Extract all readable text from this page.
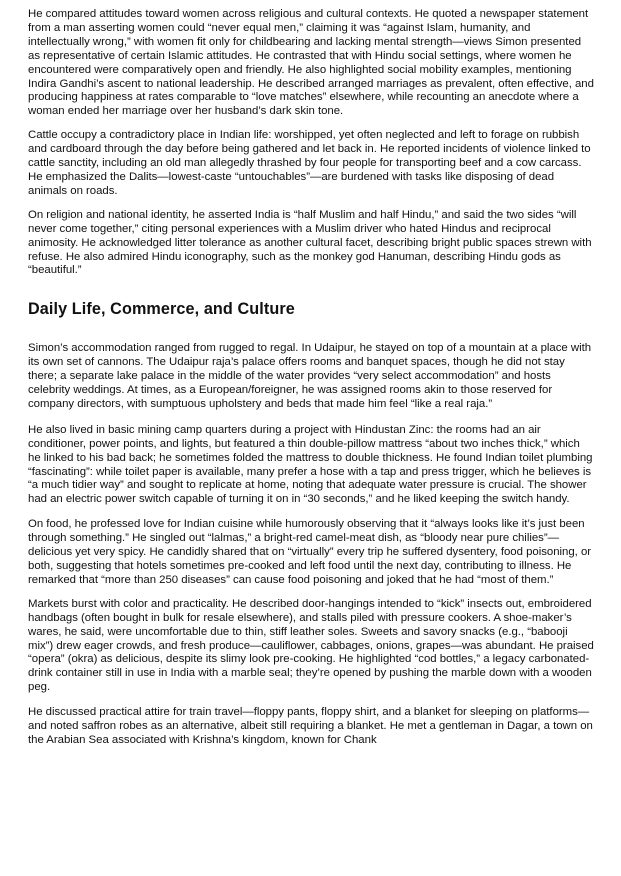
He compared attitudes toward women across religious and cultural contexts. He quoted a newspaper statement from a man asserting women could “never equal men,” claiming it was “against Islam, humanity, and intellectually wrong,” with women fit only for childbearing and lacking mental strength—views Simon presented as representative of certain Islamic attitudes. He contrasted that with Hindu social settings, where women he encountered were comparatively open and friendly. He also highlighted social mobility examples, mentioning Indira Gandhi’s ascent to national leadership. He described arranged marriages as prevalent, often effective, and producing happiness at rates comparable to “love matches” elsewhere, while recounting an anecdote where a woman ended her marriage over her husband’s dark skin tone.

Cattle occupy a contradictory place in Indian life: worshipped, yet often neglected and left to forage on rubbish and cardboard through the day before being gathered and let back in. He reported incidents of violence linked to cattle sanctity, including an old man allegedly thrashed by four people for transporting beef and a cow carcass. He emphasized the Dalits—lowest-caste “untouchables”—are burdened with tasks like disposing of dead animals on roads.

On religion and national identity, he asserted India is “half Muslim and half Hindu,” and said the two sides “will never come together,” citing personal experiences with a Muslim driver who hated Hindus and reciprocal animosity. He acknowledged litter tolerance as another cultural facet, describing bright public spaces strewn with refuse. He also admired Hindu iconography, such as the monkey god Hanuman, describing Hindu gods as “beautiful.”

Daily Life, Commerce, and Culture

Simon’s accommodation ranged from rugged to regal. In Udaipur, he stayed on top of a mountain at a place with its own set of cannons. The Udaipur raja’s palace offers rooms and banquet spaces, though he did not stay there; a separate lake palace in the middle of the water provides “very select accommodation” and hosts celebrity weddings. At times, as a European/foreigner, he was assigned rooms akin to those reserved for company directors, with sumptuous upholstery and beds that made him feel “like a real raja.”

He also lived in basic mining camp quarters during a project with Hindustan Zinc: the rooms had an air conditioner, power points, and lights, but featured a thin double-pillow mattress “about two inches thick,” which he linked to his bad back; he sometimes folded the mattress to double thickness. He found Indian toilet plumbing “fascinating”: while toilet paper is available, many prefer a hose with a tap and press trigger, which he believes is “a much tidier way” and sought to replicate at home, noting that adequate water pressure is crucial. The shower had an electric power switch capable of turning it on in “30 seconds,” and he liked keeping the switch handy.

On food, he professed love for Indian cuisine while humorously observing that it “always looks like it’s just been through something.” He singled out “lalmas,” a bright-red camel-meat dish, as “bloody near pure chilies”—delicious yet very spicy. He candidly shared that on “virtually” every trip he suffered dysentery, food poisoning, or both, suggesting that hotels sometimes pre-cooked and left food until the next day, contributing to illness. He remarked that “more than 250 diseases” can cause food poisoning and joked that he had “most of them.”

Markets burst with color and practicality. He described door-hangings intended to “kick” insects out, embroidered handbags (often bought in bulk for resale elsewhere), and stalls piled with pressure cookers. A shoe-maker’s wares, he said, were uncomfortable due to thin, stiff leather soles. Sweets and savory snacks (e.g., “babooji mix”) drew eager crowds, and fresh produce—cauliflower, cabbages, onions, grapes—was abundant. He praised “opera” (okra) as delicious, despite its slimy look pre-cooking. He highlighted “cod bottles,” a legacy carbonated-drink container still in use in India with a marble seal; they’re opened by pushing the marble down with a wooden peg.

He discussed practical attire for train travel—floppy pants, floppy shirt, and a blanket for sleeping on platforms—and noted saffron robes as an alternative, albeit still requiring a blanket. He met a gentleman in Dagar, a town on the Arabian Sea associated with Krishna’s kingdom, known for Chank
